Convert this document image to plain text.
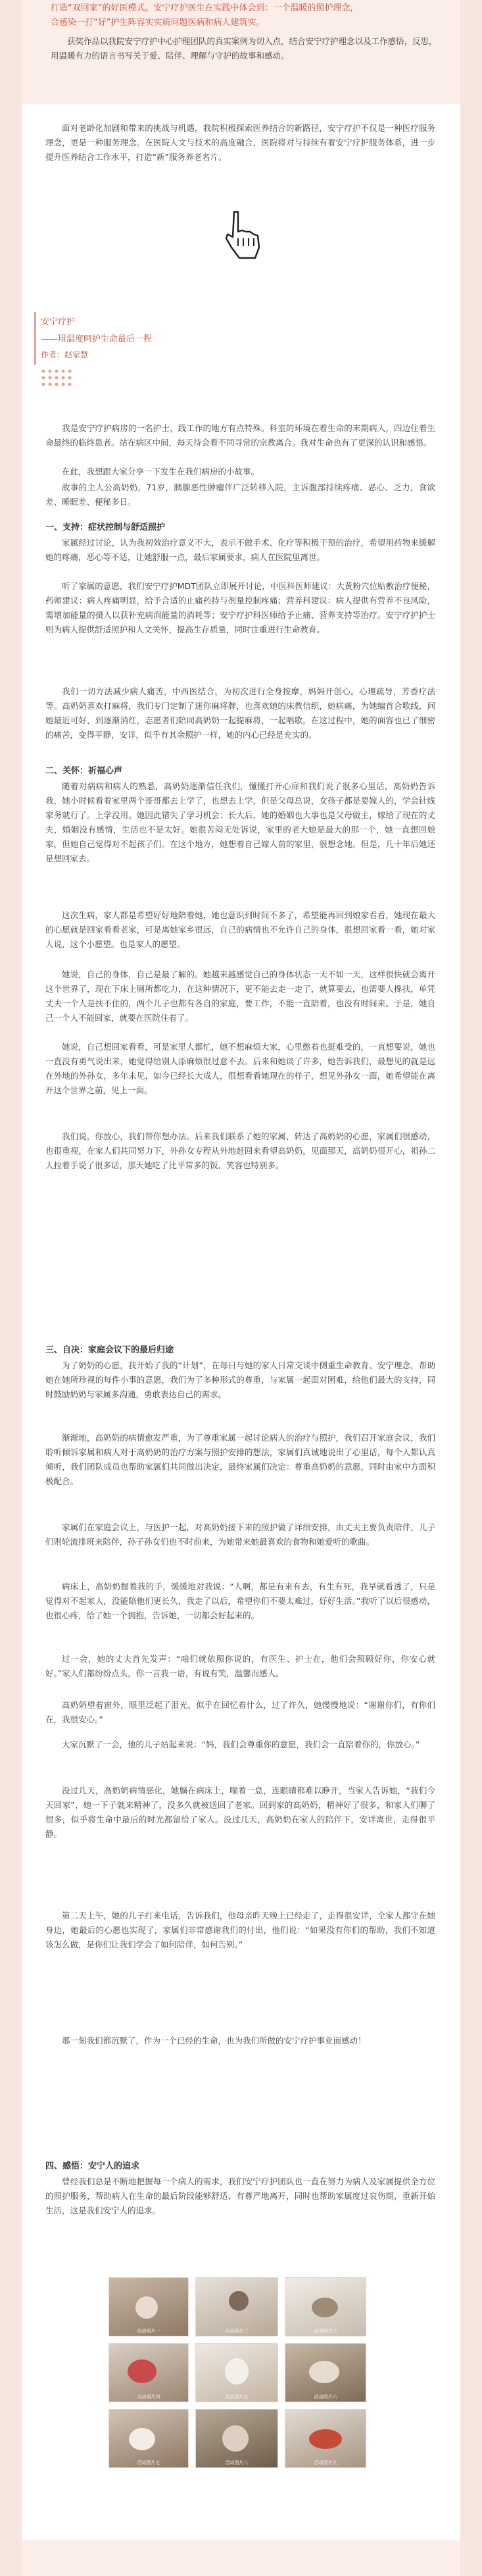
打造“双回家”的好医模式。安宁疗护医生在实践中体会到：一个温暖的照护理念，
合感染一打“好”护生阵容实实质问题医病和病人建筑实。
获奖作品以我院安宁疗护中心护理团队的真实案例为切入点，结合安宁疗护理念以及工作感悟，反思，用温暖有力的语言书写关于爱、陪伴、理解与守护的故事和感动。
面对老龄化加剧和带来的挑战与机遇，我院积极探索医养结合的新路径，安宁疗护不仅是一种医疗服务理念，更是一种服务理念。在医院人文与技术的高度融合，医院将对与持续有着安宁疗护服务体系，进一步提升医养结合工作水平，打造“新”服务养老名片。
安宁疗护
——用温度呵护生命最后一程
作者：赵家慧
我是安宁疗护病房的一名护士，践工作的地方有点特殊。科室的环境在着生命的末期病人，四边住着生命最终的临终患者。站在病区中间，每天待会看不同寻常的宗教离合。我对生命也有了更深的认识和感悟。
在此，我想跟大家分享一下发生在我们病房的小故事。
故事的主人公高奶奶，71岁，胰腺恶性肿瘤伴广泛转移入院，主诉腹部持续疼痛、恶心、乏力，食欲差、睡眠差、便秘多日。
一、支持：症状控制与舒适照护
家属经过讨论，认为我初效治疗意义不大，表示不做手术、化疗等积极干预的治疗，希望用药物来缓解她的疼痛，恶心等不适，让她舒服一点，最后家属要求，病人在医院里离世。
听了家属的意愿，我们安宁疗护MDT团队立即展开讨论，中医科医师建议：大黄粉穴位贴敷治疗便秘，药师建议：病人疼痛明显，给予合适的止痛药持与剂量控制疼痛；营养科建议：病人提供有营养不良风险，需增加能量的摄入以获补充病润能量的消耗等；安宁疗护科医师给予止痛、营养支持等治疗。安宁疗护护士则为病人提供舒适照护和人文关怀，提高生存质量，同时注重进行生命教育。
我们一切方法减少病人痛苦，中西医结合，为初次进行全身按摩，妈妈开创心。心理疏导，芳香疗法等。高奶奶喜欢打麻将，我们专门定制了迷你麻将牌，也喜欢她的床教信织，她病痛，为她编首合歌线，问她最近可好，到逐渐消红，志愿者们陪同高奶奶一起提麻将，一起唱歌，在这过程中，她的面容也已了细密的痛苦，变得平静，安详，似乎有其余照护一样，她的内心已经是充实的。
二、关怀：祈福心声
随着对病病和病人的熟悉，高奶奶逐渐信任我们，懂懂打开心扉和我们说了很多心里话，高奶奶告诉我，她小时候看着家里两个哥哥都去上学了，也想去上学，但是父母总说，女孩子都是要嫁人的，学会针线家务就行了。上学没用。她因此错失了学习机会；长大后，她的婚姻也大事也是父母做主，嫁给了现在的丈夫，婚姻没有感情，生活也不是太好。她很苦闷无处诉说，家里的老大她是最大的那一个，她一直想回娘家，但她自己觉得对不起孩子们。在这个地方，她想着自己嫁人前的家里，很想念她。但是，几十年后她还是想回家去。
这次生病，家人都是希望好好地陪着她，她也意识到时间不多了，希望能再回到娘家看看，她现在最大的心愿就是回家看看老家，可是离她家乡很远，自己的病情也不允许自己的身体，很想回家看一看，她对家人说，这个小愿望。也是家人的愿望。
她说，自己的身体，自己是最了解的。她越来越感觉自己的身体状态一天不如一天，这样很快就会离开这个世界了，现在下床上厕所都吃力，在这种情况下，更不能去走一走了，就算要去，也需要人搀扶，单凭丈夫一个人是扶不住的，两个儿子也都有各自的家庭，要工作，不能一直陪着，也没有时间来。于是，她自己一个人不能回家，就要在医院住着了。
她说，自己想回家看看，可是家里人都忙，她不想麻烦大家，心里憋着也挺难受的，一直想要说，她也一直没有勇气说出来，她觉得给别人添麻烦很过意不去。后来和她谈了许多，她告诉我们，最想见的就是远在外地的外孙女，多年未见，如今已经长大成人，很想看看她现在的样子，想见外孙女一面，她希望能在离开这个世界之前，见上一面。
我们说，你放心，我们帮你想办法。后来我们联系了她的家属，转达了高奶奶的心愿，家属们很感动，也很重视，在家人们共同努力下，外孙女专程从外地赶回来看望高奶奶，见面那天，高奶奶很开心，祖孙二人拉着手说了很多话，那天她吃了比平常多的饭，笑容也特别多。
三、自决：家庭会议下的最后归途
为了奶奶的心愿，我开始了我的“计划”，在每日与她的家人日常交谈中侧重生命教育、安宁理念，帮助她在她所珍视的每件小事的意愿，我们为了多种形式的尊重，与家属一起面对困难，给他们最大的支持，同时鼓励奶奶与家属多沟通，勇敢表达自己的需求。
渐渐地，高奶奶的病情愈发严重，为了尊重家属一起讨论病人的治疗与照护，我们召开家庭会议，我们聆听倾诉家属和病人对于高奶奶的治疗方案与照护安排的想法，家属们真诚地说出了心里话，每个人都认真倾听，我们团队成员也帮助家属们共同做出决定，最终家属们决定：尊重高奶奶的意愿，同时由家中方面积极配合。
家属们在家庭会议上，与医护一起，对高奶奶接下来的照护做了详细安排，由丈夫主要负责陪伴，儿子们则轮流排班来陪伴，孙子孙女们也不时前来，为她带来她最喜欢的食物和她爱听的歌曲。
病床上，高奶奶握着我的手，缓缓地对我说：“人啊，都是有来有去，有生有死，我早就看透了，只是觉得对不起家人，没能陪他们更长久，我走了以后，希望你们不要太难过，好好生活。”我听了以后很感动，也很心疼，给了她一个拥抱，告诉她，一切都会好起来的。
过一会，她的丈夫首先发声：“咱们就依照你说的，有医生、护士在，他们会照顾好你，你安心就好。”家人们都纷纷点头，你一言我一语，有说有笑，温馨而感人。
高奶奶望着窗外，眼里泛起了泪光，似乎在回忆着什么，过了许久，她慢慢地说：“谢谢你们，有你们在，我很安心。”
大家沉默了一会，他的儿子站起来说：“妈，我们会尊重你的意愿，我们会一直陪着你的，你放心。”
没过几天，高奶奶病情恶化，她躺在病床上，喘着一息，连眼睛都难以睁开，当家人告诉她，“我们今天回家”，她一下子就来精神了，没多久就被送回了老家。回到家的高奶奶，精神好了很多，和家人们聊了很多，似乎将生命中最后的时光都留给了家人。没过几天，高奶奶在家人的陪伴下，安详离世，走得很平静。
第二天上午，她的儿子打来电话，告诉我们，他母亲昨天晚上已经走了，走得很安详，全家人都守在她身边，她最后的心愿也实现了，家属们非常感谢我们的付出，他们说：“如果没有你们的帮助，我们不知道该怎么做，是你们让我们学会了如何陪伴，如何告别。”
那一刻我们都沉默了，作为一个已经的生命，也为我们所做的安宁疗护事业而感动！
四、感悟：安宁人的追求
曾经我们总是不断地把握每一个病人的需求，我们安宁疗护团队也一直在努力为病人及家属提供全方位的照护服务，帮助病人在生命的最后阶段能够舒适、有尊严地离开，同时也帮助家属度过哀伤期，重新开始生活，这是我们安宁人的追求。
活动照片一	活动照片二	活动照片三
活动照片四	活动照片五	活动照片六
活动照片七	活动照片八	活动照片九
